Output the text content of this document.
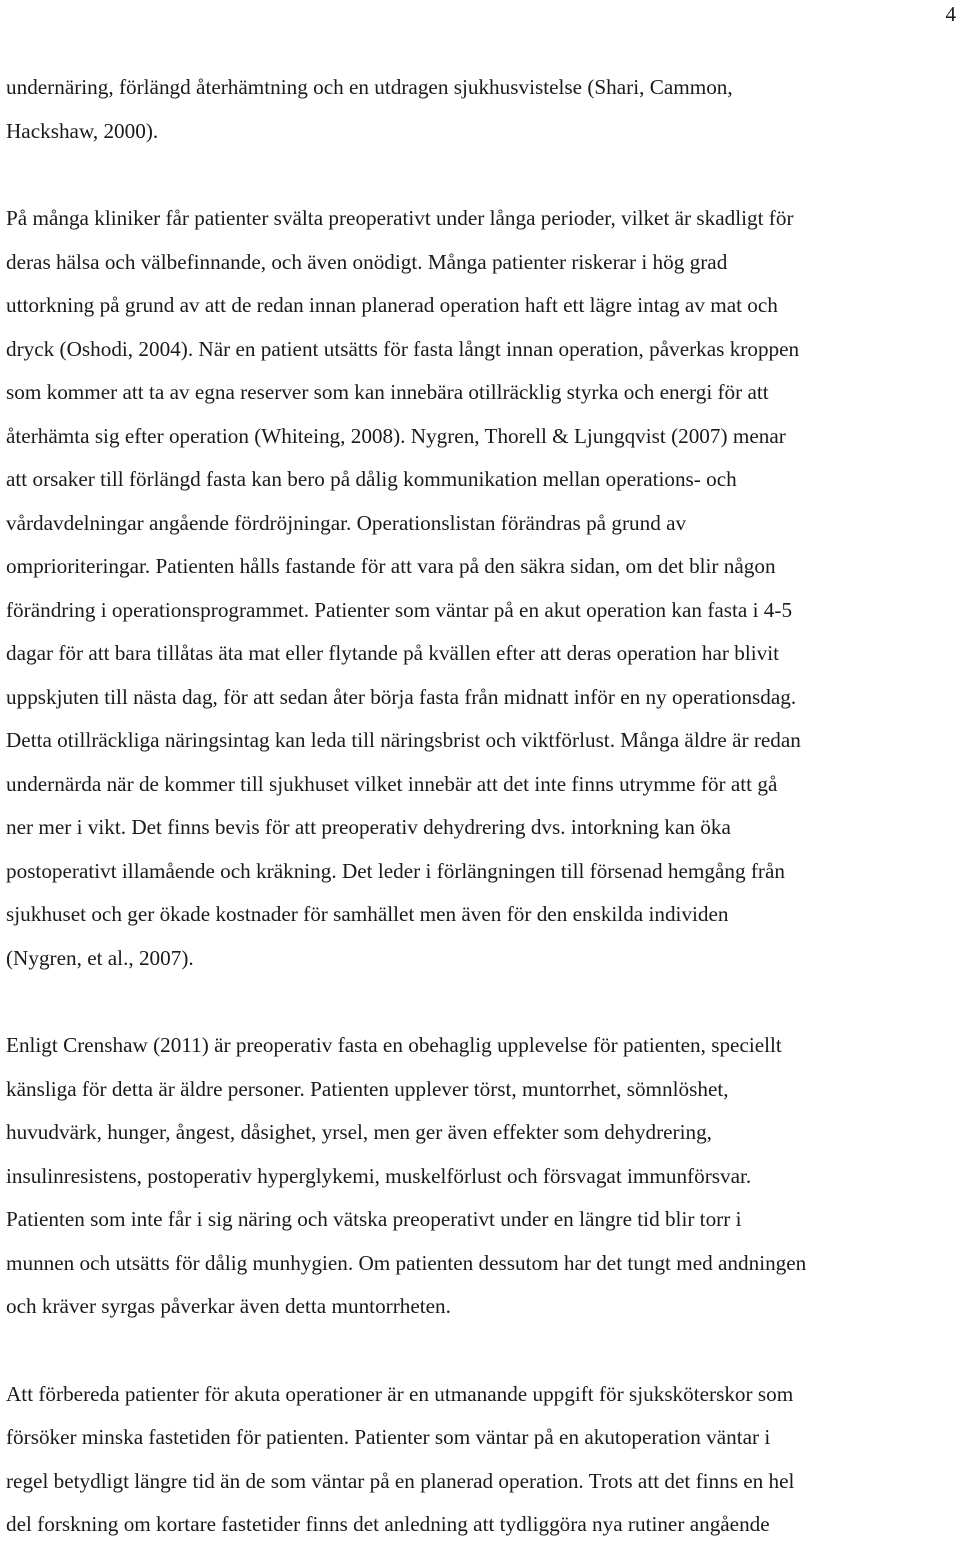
4

undernäring, förlängd återhämtning och en utdragen sjukhusvistelse (Shari, Cammon,

Hackshaw, 2000).

På många kliniker får patienter svälta preoperativt under långa perioder, vilket är skadligt för

deras hälsa och välbefinnande, och även onödigt. Många patienter riskerar i hög grad

uttorkning på grund av att de redan innan planerad operation haft ett lägre intag av mat och

dryck (Oshodi, 2004). När en patient utsätts för fasta långt innan operation, påverkas kroppen

som kommer att ta av egna reserver som kan innebära otillräcklig styrka och energi för att

återhämta sig efter operation (Whiteing, 2008). Nygren, Thorell & Ljungqvist (2007) menar

att orsaker till förlängd fasta kan bero på dålig kommunikation mellan operations- och

vårdavdelningar angående fördröjningar. Operationslistan förändras på grund av

omprioriteringar. Patienten hålls fastande för att vara på den säkra sidan, om det blir någon

förändring i operationsprogrammet. Patienter som väntar på en akut operation kan fasta i 4-5

dagar för att bara tillåtas äta mat eller flytande på kvällen efter att deras operation har blivit

uppskjuten till nästa dag, för att sedan åter börja fasta från midnatt inför en ny operationsdag.

Detta otillräckliga näringsintag kan leda till näringsbrist och viktförlust. Många äldre är redan

undernärda när de kommer till sjukhuset vilket innebär att det inte finns utrymme för att gå

ner mer i vikt. Det finns bevis för att preoperativ dehydrering dvs. intorkning kan öka

postoperativt illamående och kräkning. Det leder i förlängningen till försenad hemgång från

sjukhuset och ger ökade kostnader för samhället men även för den enskilda individen

(Nygren, et al., 2007).

Enligt Crenshaw (2011) är preoperativ fasta en obehaglig upplevelse för patienten, speciellt

känsliga för detta är äldre personer. Patienten upplever törst, muntorrhet, sömnlöshet,

huvudvärk, hunger, ångest, dåsighet, yrsel, men ger även effekter som dehydrering,

insulinresistens, postoperativ hyperglykemi, muskelförlust och försvagat immunförsvar.

Patienten som inte får i sig näring och vätska preoperativt under en längre tid blir torr i

munnen och utsätts för dålig munhygien. Om patienten dessutom har det tungt med andningen

och kräver syrgas påverkar även detta muntorrheten.

Att förbereda patienter för akuta operationer är en utmanande uppgift för sjuksköterskor som

försöker minska fastetiden för patienten. Patienter som väntar på en akutoperation väntar i

regel betydligt längre tid än de som väntar på en planerad operation. Trots att det finns en hel

del forskning om kortare fastetider finns det anledning att tydliggöra nya rutiner angående
